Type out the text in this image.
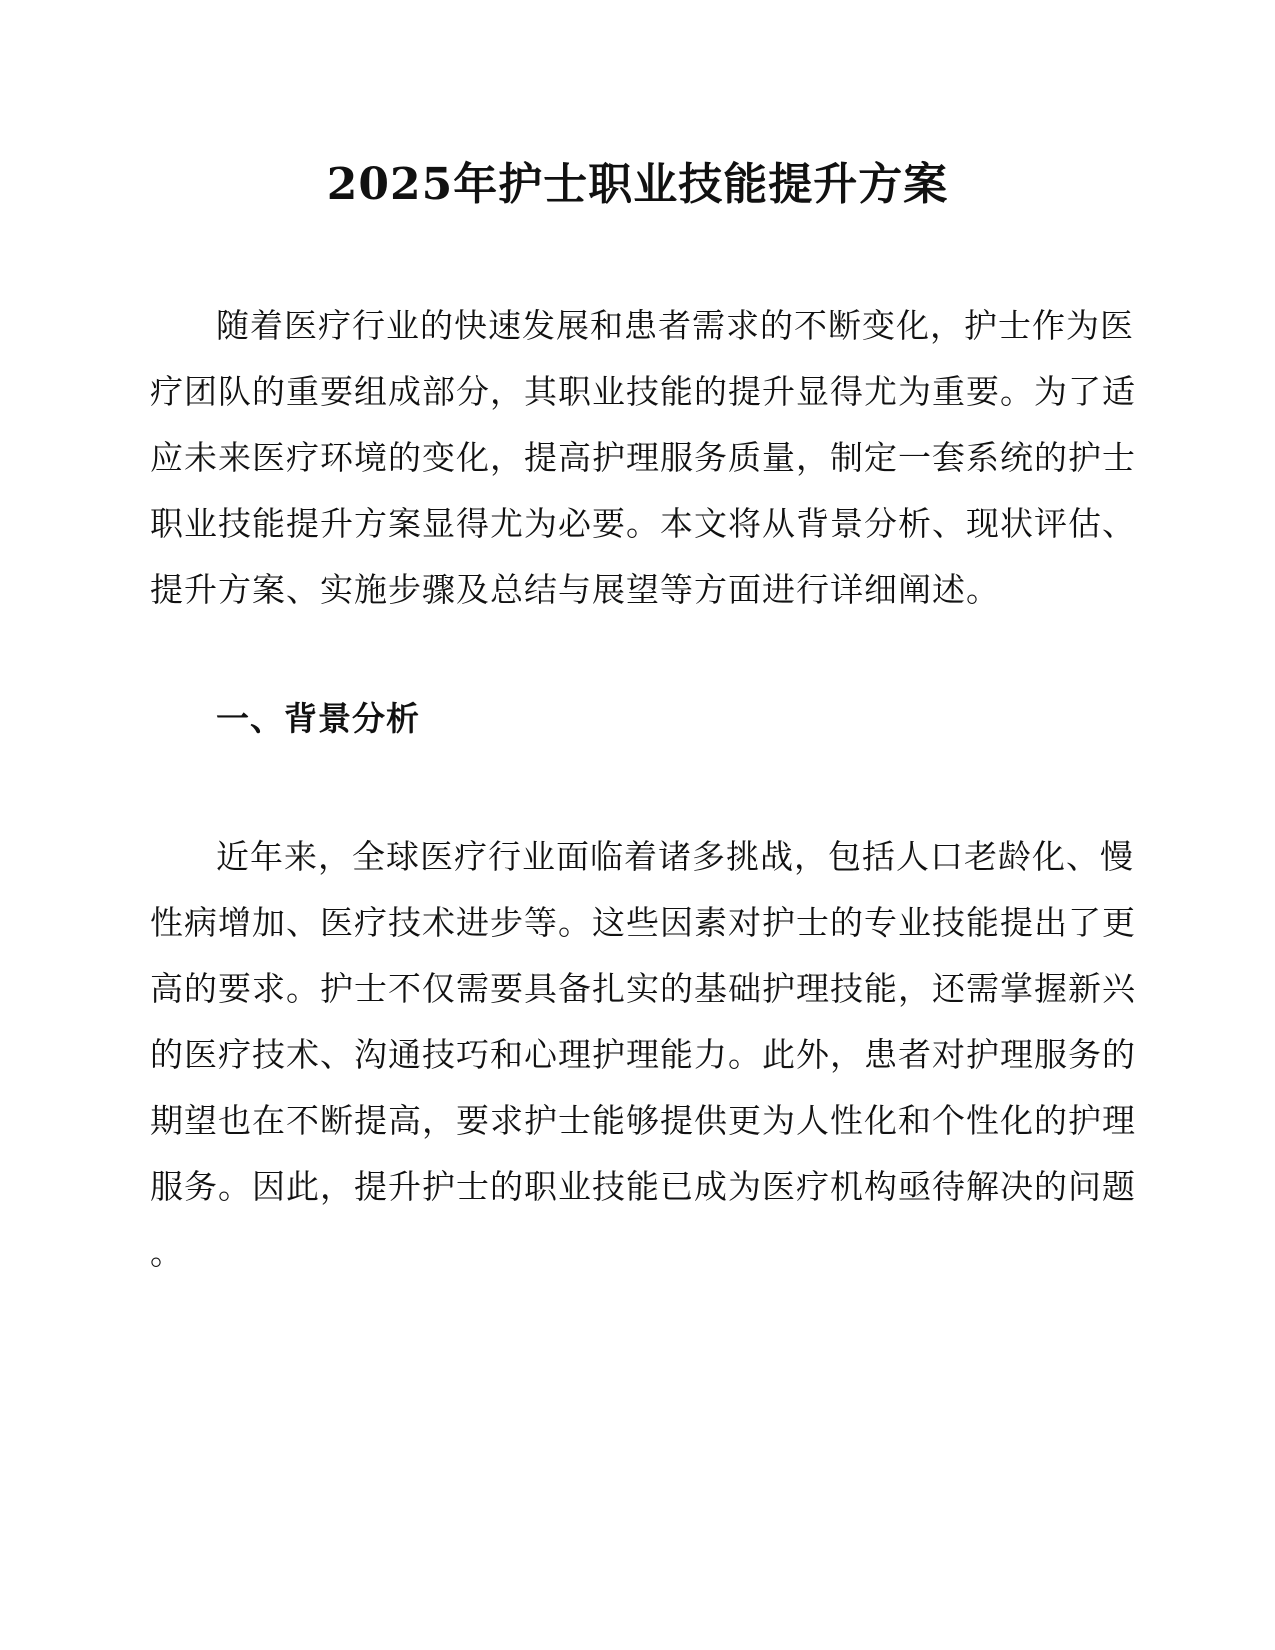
2025年护士职业技能提升方案
随着医疗行业的快速发展和患者需求的不断变化，护士作为医
疗团队的重要组成部分，其职业技能的提升显得尤为重要。为了适
应未来医疗环境的变化，提高护理服务质量，制定一套系统的护士
职业技能提升方案显得尤为必要。本文将从背景分析、现状评估、
提升方案、实施步骤及总结与展望等方面进行详细阐述。
一、背景分析
近年来，全球医疗行业面临着诸多挑战，包括人口老龄化、慢
性病增加、医疗技术进步等。这些因素对护士的专业技能提出了更
高的要求。护士不仅需要具备扎实的基础护理技能，还需掌握新兴
的医疗技术、沟通技巧和心理护理能力。此外，患者对护理服务的
期望也在不断提高，要求护士能够提供更为人性化和个性化的护理
服务。因此，提升护士的职业技能已成为医疗机构亟待解决的问题
。
